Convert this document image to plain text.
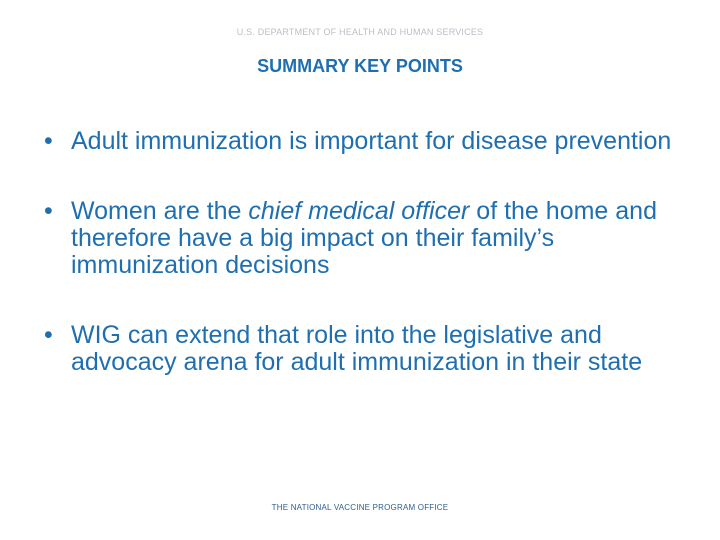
U.S. DEPARTMENT OF HEALTH AND HUMAN SERVICES
SUMMARY KEY POINTS
• Adult immunization is important for disease prevention
• Women are the chief medical officer of the home and therefore have a big impact on their family’s immunization decisions
• WIG can extend that role into the legislative and advocacy arena for adult immunization in their state
THE NATIONAL VACCINE PROGRAM OFFICE
